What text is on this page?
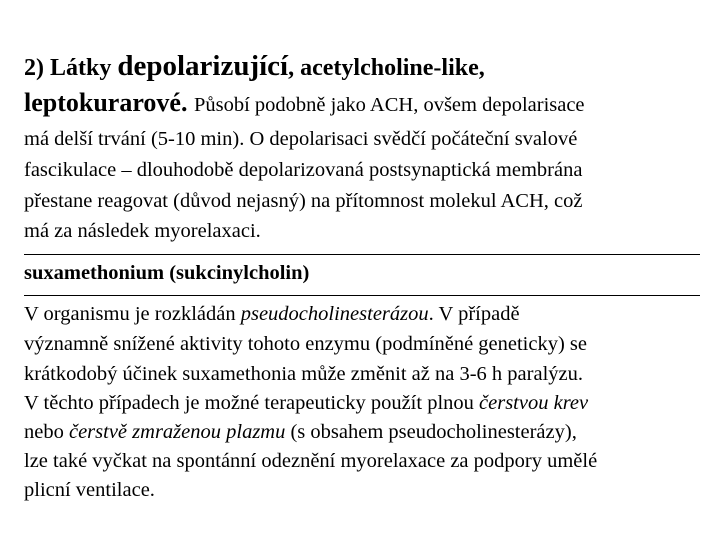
2) Látky depolarizující, acetylcholine-like,
leptokurarové. Působí podobně jako ACH, ovšem depolarisace
má delší trvání (5-10 min). O depolarisaci svědčí počáteční svalové
fascikulace – dlouhodobě depolarizovaná postsynaptická membrána
přestane reagovat (důvod nejasný) na přítomnost molekul ACH, což
má za následek myorelaxaci.
suxamethonium (sukcinylcholin)
V organismu je rozkládán pseudocholinesterázou. V případě
významně snížené aktivity tohoto enzymu (podmíněné geneticky) se
krátkodobý účinek suxamethonia může změnit až na 3-6 h paralýzu.
V těchto případech je možné terapeuticky použít plnou čerstvou krev
nebo čerstvě zmraženou plazmu (s obsahem pseudocholinesterázy),
lze také vyčkat na spontánní odeznění myorelaxace za podpory umělé
plicní ventilace.
